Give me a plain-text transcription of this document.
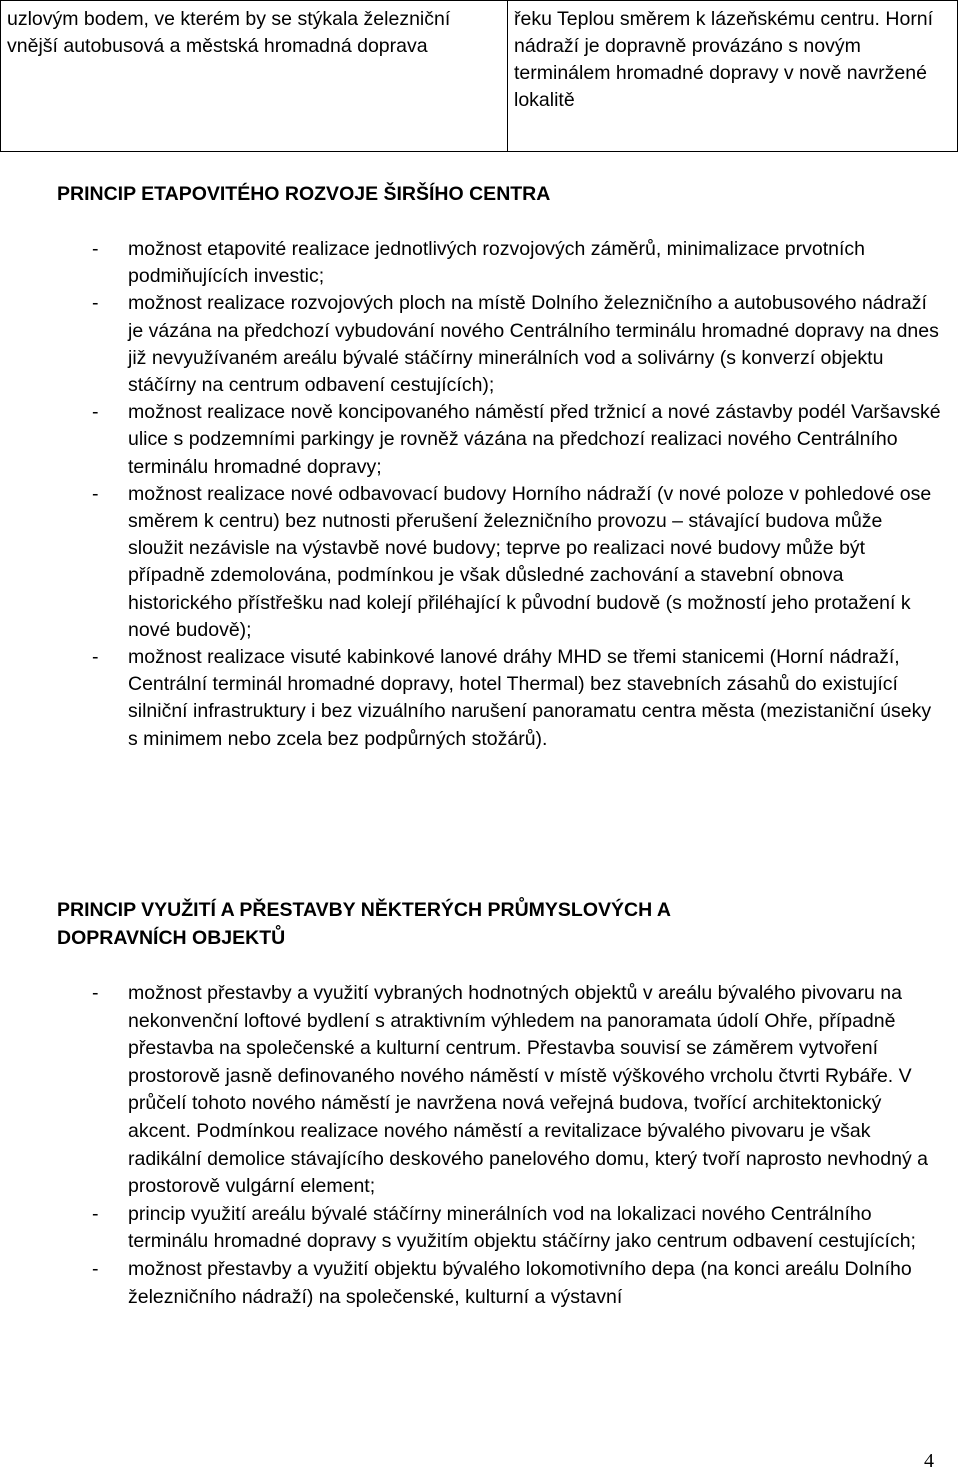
uzlovým bodem, ve kterém by se stýkala železniční vnější autobusová a městská hromadná doprava	řeku Teplou směrem k lázeňskému centru. Horní nádraží je dopravně provázáno s novým terminálem hromadné dopravy v nově navržené lokalitě
PRINCIP ETAPOVITÉHO ROZVOJE ŠIRŠÍHO CENTRA
- možnost etapovité realizace jednotlivých rozvojových záměrů, minimalizace prvotních podmiňujících investic;
- možnost realizace rozvojových ploch na místě Dolního železničního a autobusového nádraží je vázána na předchozí vybudování nového Centrálního terminálu hromadné dopravy na dnes již nevyužívaném areálu bývalé stáčírny minerálních vod a solivárny (s konverzí objektu stáčírny na centrum odbavení cestujících);
- možnost realizace nově koncipovaného náměstí před tržnicí a nové zástavby podél Varšavské ulice s podzemními parkingy je rovněž vázána na předchozí realizaci nového Centrálního terminálu hromadné dopravy;
- možnost realizace nové odbavovací budovy Horního nádraží (v nové poloze v pohledové ose směrem k centru) bez nutnosti přerušení železničního provozu – stávající budova může sloužit nezávisle na výstavbě nové budovy; teprve po realizaci nové budovy může být případně zdemolována, podmínkou je však důsledné zachování a stavební obnova historického přístřešku nad kolejí přiléhající k původní budově (s možností jeho protažení k nové budově);
- možnost realizace visuté kabinkové lanové dráhy MHD se třemi stanicemi (Horní nádraží, Centrální terminál hromadné dopravy, hotel Thermal) bez stavebních zásahů do existující silniční infrastruktury i bez vizuálního narušení panoramatu centra města (mezistaniční úseky s minimem nebo zcela bez podpůrných stožárů).
PRINCIP VYUŽITÍ A PŘESTAVBY NĚKTERÝCH PRŮMYSLOVÝCH A
DOPRAVNÍCH OBJEKTŮ
- možnost přestavby a využití vybraných hodnotných objektů v areálu bývalého pivovaru na nekonvenční loftové bydlení s atraktivním výhledem na panoramata údolí Ohře, případně přestavba na společenské a kulturní centrum. Přestavba souvisí se záměrem vytvoření prostorově jasně definovaného nového náměstí v místě výškového vrcholu čtvrti Rybáře. V průčelí tohoto nového náměstí je navržena nová veřejná budova, tvořící architektonický akcent. Podmínkou realizace nového náměstí a revitalizace bývalého pivovaru je však radikální demolice stávajícího deskového panelového domu, který tvoří naprosto nevhodný a prostorově vulgární element;
- princip využití areálu bývalé stáčírny minerálních vod na lokalizaci nového Centrálního terminálu hromadné dopravy s využitím objektu stáčírny jako centrum odbavení cestujících;
- možnost přestavby a využití objektu bývalého lokomotivního depa (na konci areálu Dolního železničního nádraží) na společenské, kulturní a výstavní
4
